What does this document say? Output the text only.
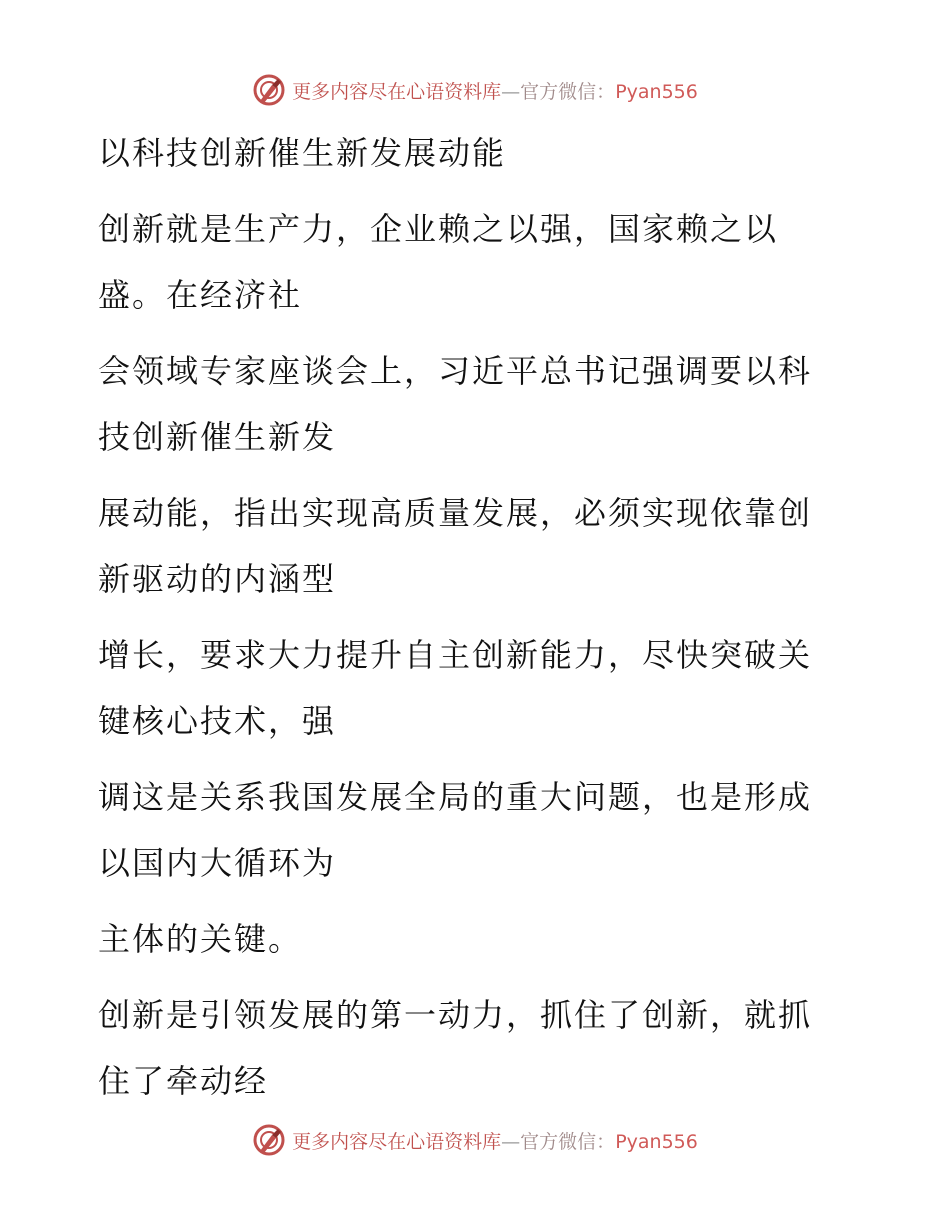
更多内容尽在心语资料库—官方微信：Pyan556

以科技创新催生新发展动能

创新就是生产力，企业赖之以强，国家赖之以

盛。在经济社

会领域专家座谈会上，习近平总书记强调要以科

技创新催生新发

展动能，指出实现高质量发展，必须实现依靠创

新驱动的内涵型

增长，要求大力提升自主创新能力，尽快突破关

键核心技术，强

调这是关系我国发展全局的重大问题，也是形成

以国内大循环为

主体的关键。

创新是引领发展的第一动力，抓住了创新，就抓

住了牵动经

更多内容尽在心语资料库—官方微信：Pyan556
